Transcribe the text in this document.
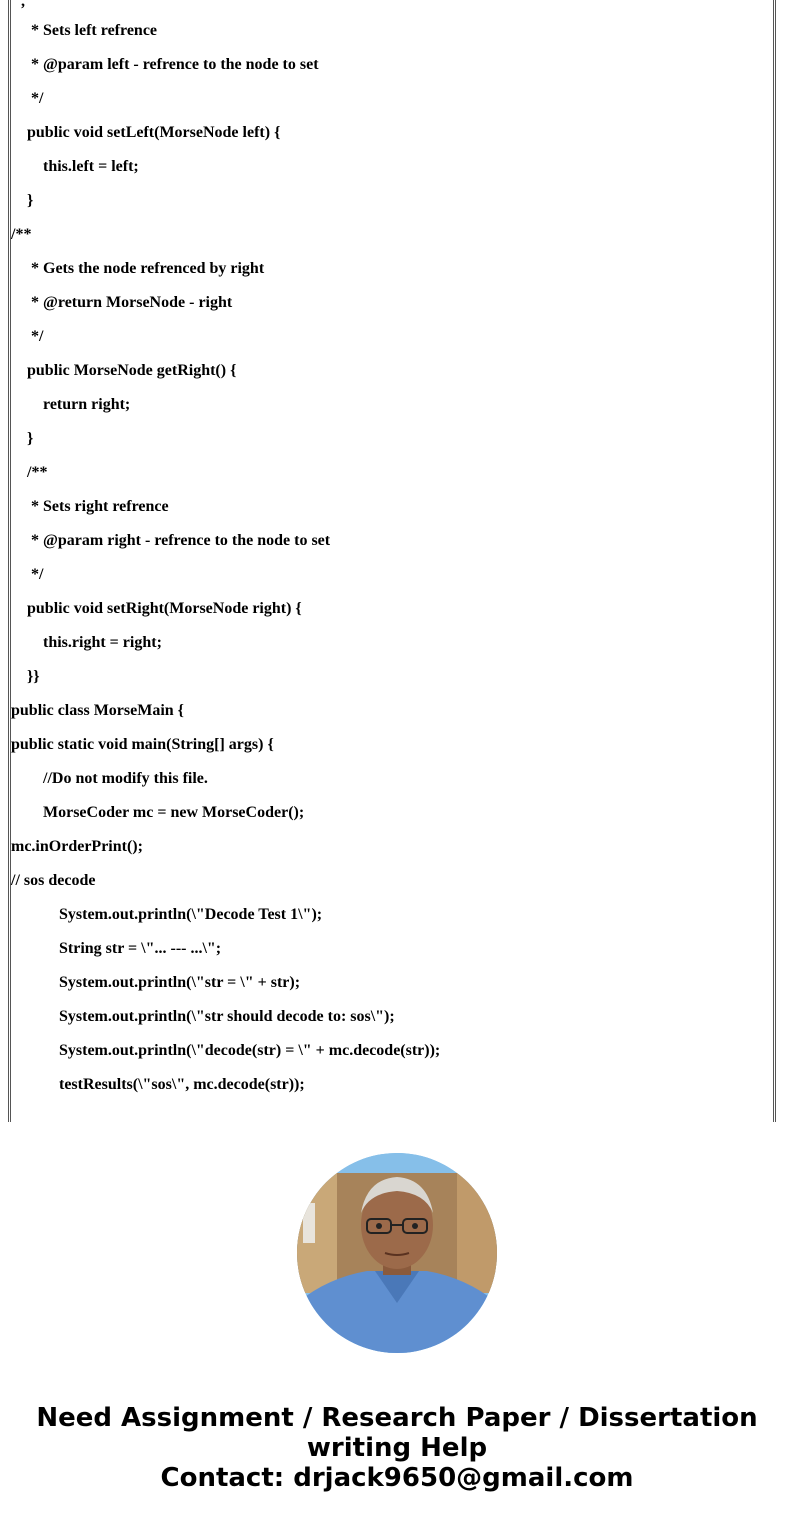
,
* Sets left refrence
* @param left - refrence to the node to set
*/
public void setLeft(MorseNode left) {
this.left = left;
}
/**
* Gets the node refrenced by right
* @return MorseNode - right
*/
public MorseNode getRight() {
return right;
}
/**
* Sets right refrence
* @param right - refrence to the node to set
*/
public void setRight(MorseNode right) {
this.right = right;
}}
public class MorseMain {
public static void main(String[] args) {
//Do not modify this file.
MorseCoder mc = new MorseCoder();
mc.inOrderPrint();
// sos decode
System.out.println(\"Decode Test 1\");
String str = \"... --- ...\";
System.out.println(\"str = \" + str);
System.out.println(\"str should decode to: sos\");
System.out.println(\"decode(str) = \" + mc.decode(str));
testResults(\"sos\", mc.decode(str));
Need Assignment / Research Paper / Dissertation
writing Help
Contact: drjack9650@gmail.com
